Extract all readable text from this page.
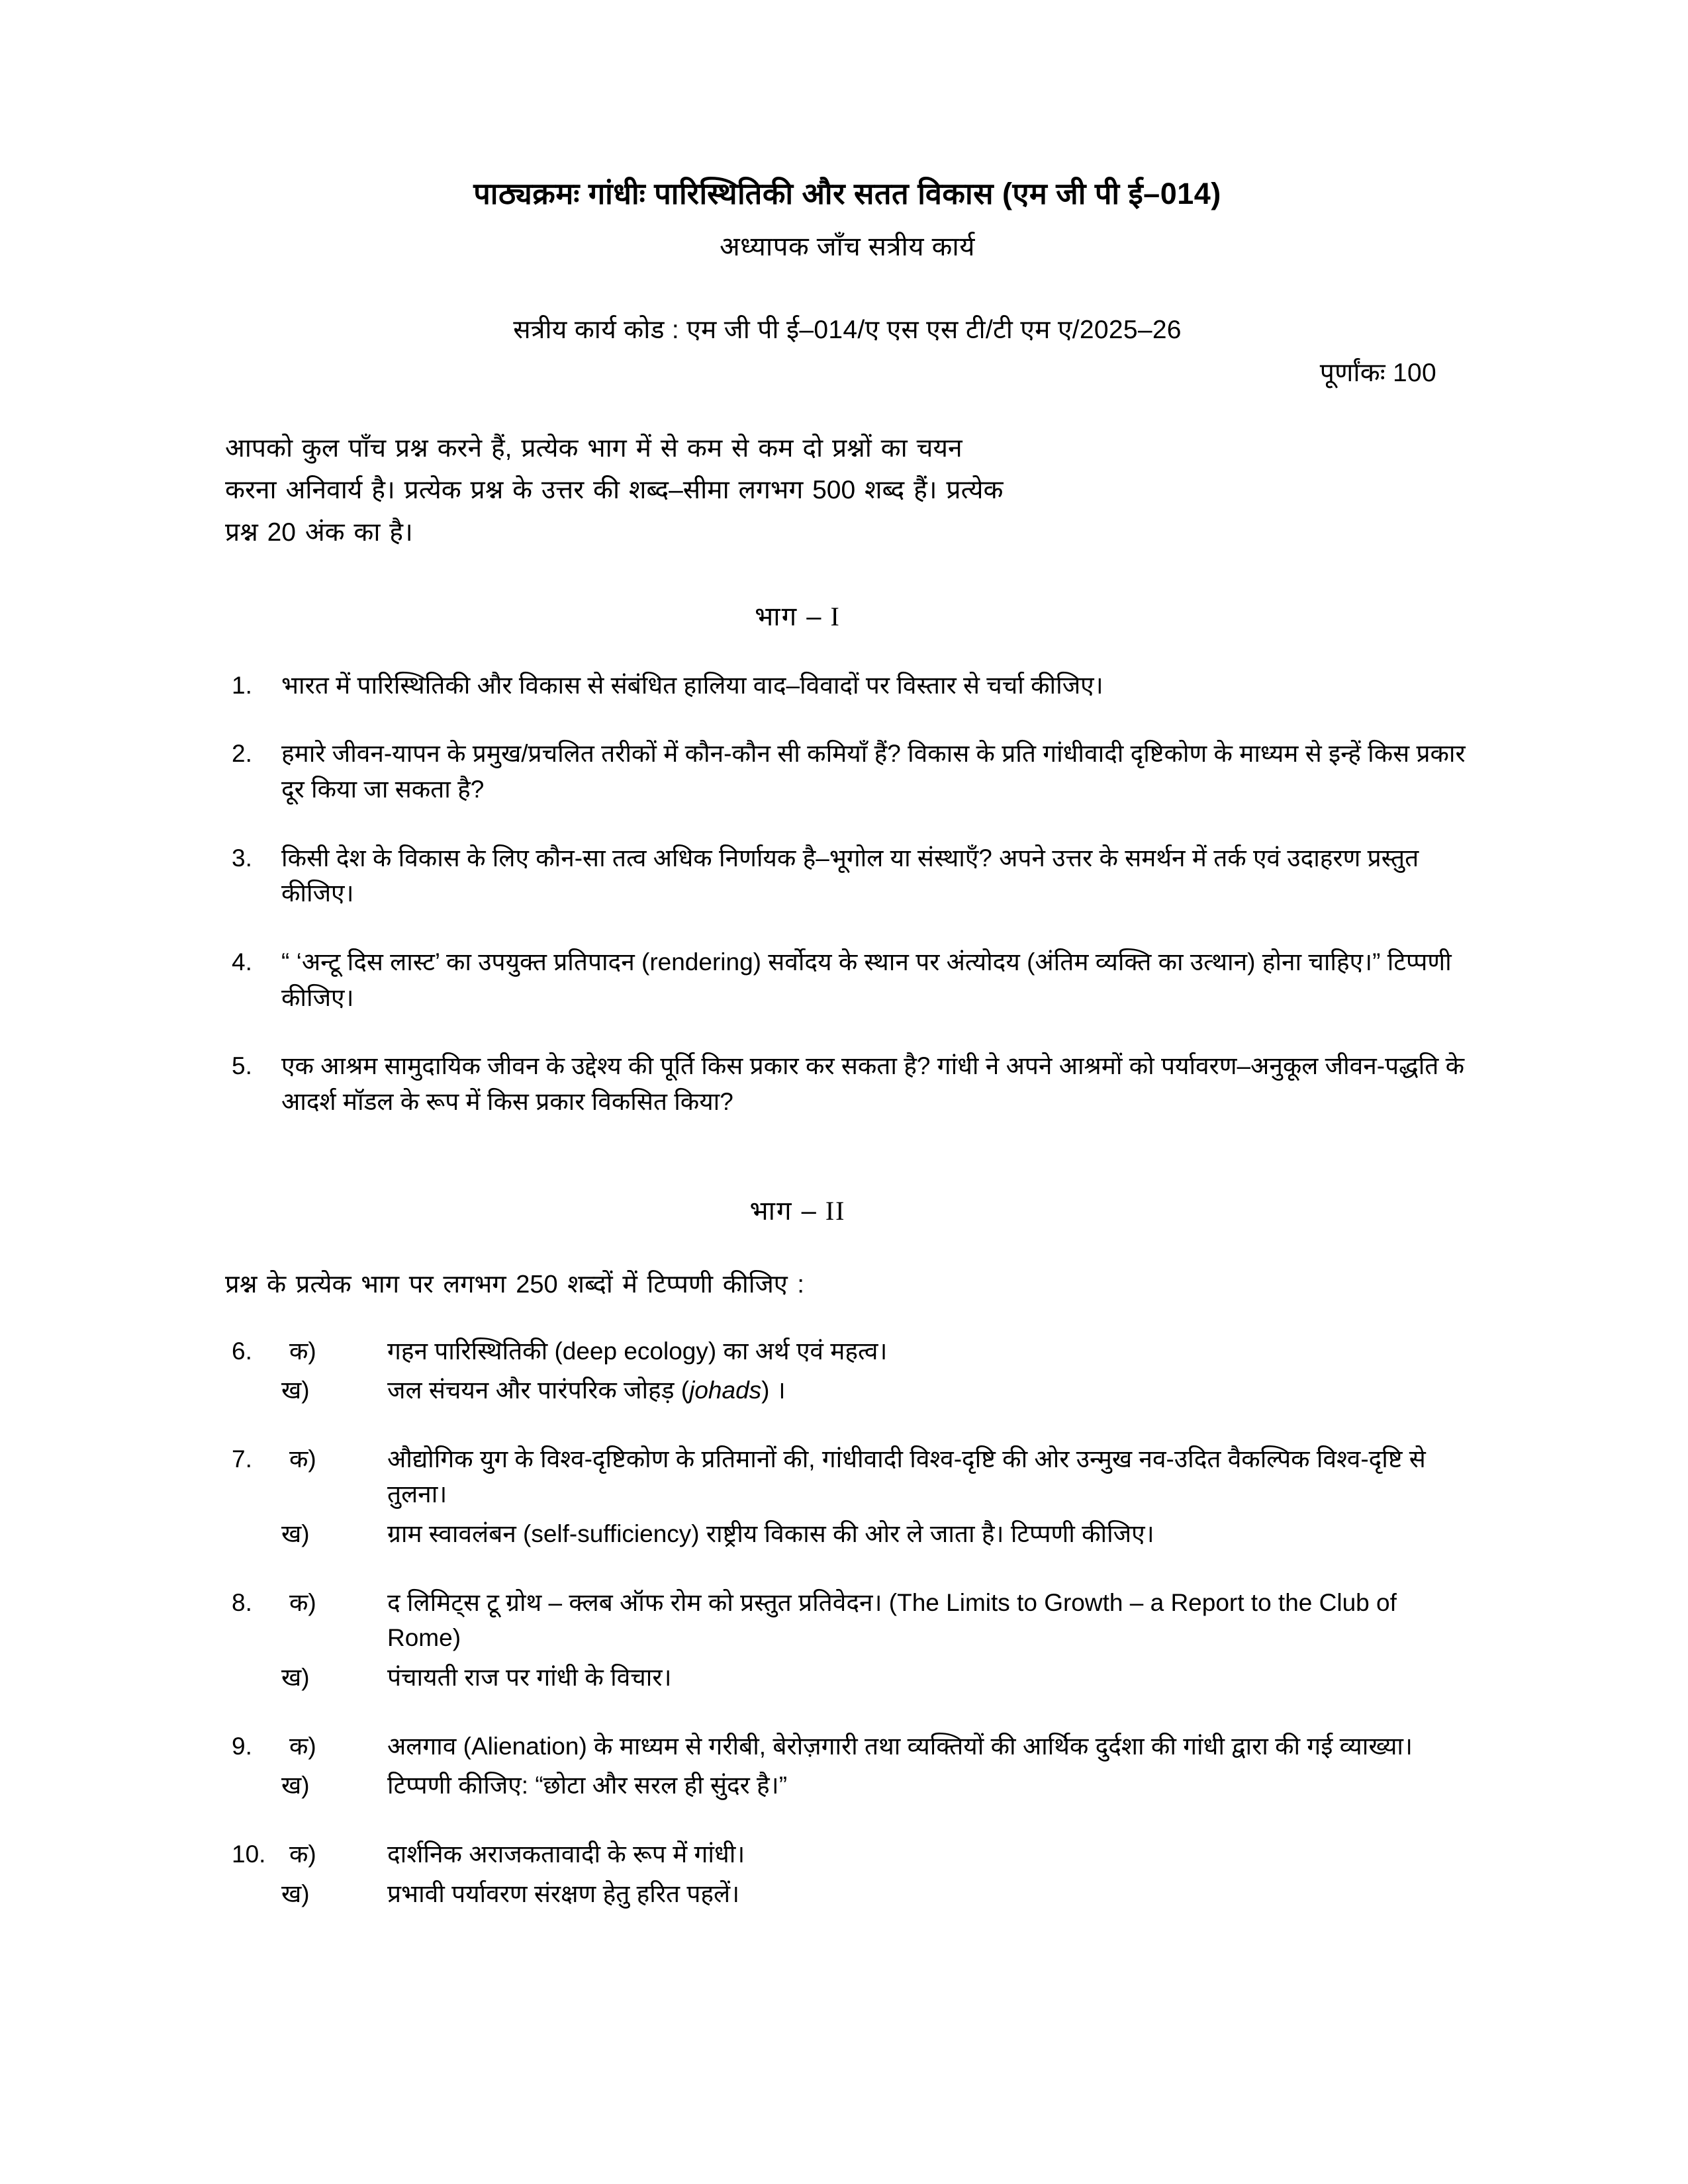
पाठ्यक्रमः गांधीः पारिस्थितिकी और सतत विकास (एम जी पी ई–014)
अध्यापक जाँच सत्रीय कार्य

सत्रीय कार्य कोड : एम जी पी ई–014/ए एस एस टी/टी एम ए/2025–26

पूर्णांकः 100

आपको कुल पाँच प्रश्न करने हैं, प्रत्येक भाग में से कम से कम दो प्रश्नों का चयन
करना अनिवार्य है। प्रत्येक प्रश्न के उत्तर की शब्द–सीमा लगभग 500 शब्द हैं। प्रत्येक
प्रश्न 20 अंक का है।

भाग – I

1.	भारत में पारिस्थितिकी और विकास से संबंधित हालिया वाद–विवादों पर विस्तार से चर्चा कीजिए।
2.	हमारे जीवन-यापन के प्रमुख/प्रचलित तरीकों में कौन-कौन सी कमियाँ हैं? विकास के प्रति गांधीवादी दृष्टिकोण के माध्यम से इन्हें किस प्रकार दूर किया जा सकता है?
3.	किसी देश के विकास के लिए कौन-सा तत्व अधिक निर्णायक है–भूगोल या संस्थाएँ? अपने उत्तर के समर्थन में तर्क एवं उदाहरण प्रस्तुत कीजिए।
4.	“ ‘अन्टू दिस लास्ट’ का उपयुक्त प्रतिपादन (rendering) सर्वोदय के स्थान पर अंत्योदय (अंतिम व्यक्ति का उत्थान) होना चाहिए।” टिप्पणी कीजिए।
5.	एक आश्रम सामुदायिक जीवन के उद्देश्य की पूर्ति किस प्रकार कर सकता है? गांधी ने अपने आश्रमों को पर्यावरण–अनुकूल जीवन-पद्धति के आदर्श मॉडल के रूप में किस प्रकार विकसित किया?

भाग – II

प्रश्न के प्रत्येक भाग पर लगभग 250 शब्दों में टिप्पणी कीजिए :

6.	क)	गहन पारिस्थितिकी (deep ecology) का अर्थ एवं महत्व।
ख)	जल संचयन और पारंपरिक जोहड़ (johads) ।
7.	क)	औद्योगिक युग के विश्व-दृष्टिकोण के प्रतिमानों की, गांधीवादी विश्व-दृष्टि की ओर उन्मुख नव-उदित वैकल्पिक विश्व-दृष्टि से तुलना।
ख)	ग्राम स्वावलंबन (self-sufficiency) राष्ट्रीय विकास की ओर ले जाता है। टिप्पणी कीजिए।
8.	क)	द लिमिट्स टू ग्रोथ – क्लब ऑफ रोम को प्रस्तुत प्रतिवेदन। (The Limits to Growth – a Report to the Club of Rome)
ख)	पंचायती राज पर गांधी के विचार।
9.	क)	अलगाव (Alienation) के माध्यम से गरीबी, बेरोज़गारी तथा व्यक्तियों की आर्थिक दुर्दशा की गांधी द्वारा की गई व्याख्या।
ख)	टिप्पणी कीजिए: “छोटा और सरल ही सुंदर है।”
10. क)	दार्शनिक अराजकतावादी के रूप में गांधी।
ख)	प्रभावी पर्यावरण संरक्षण हेतु हरित पहलें।
